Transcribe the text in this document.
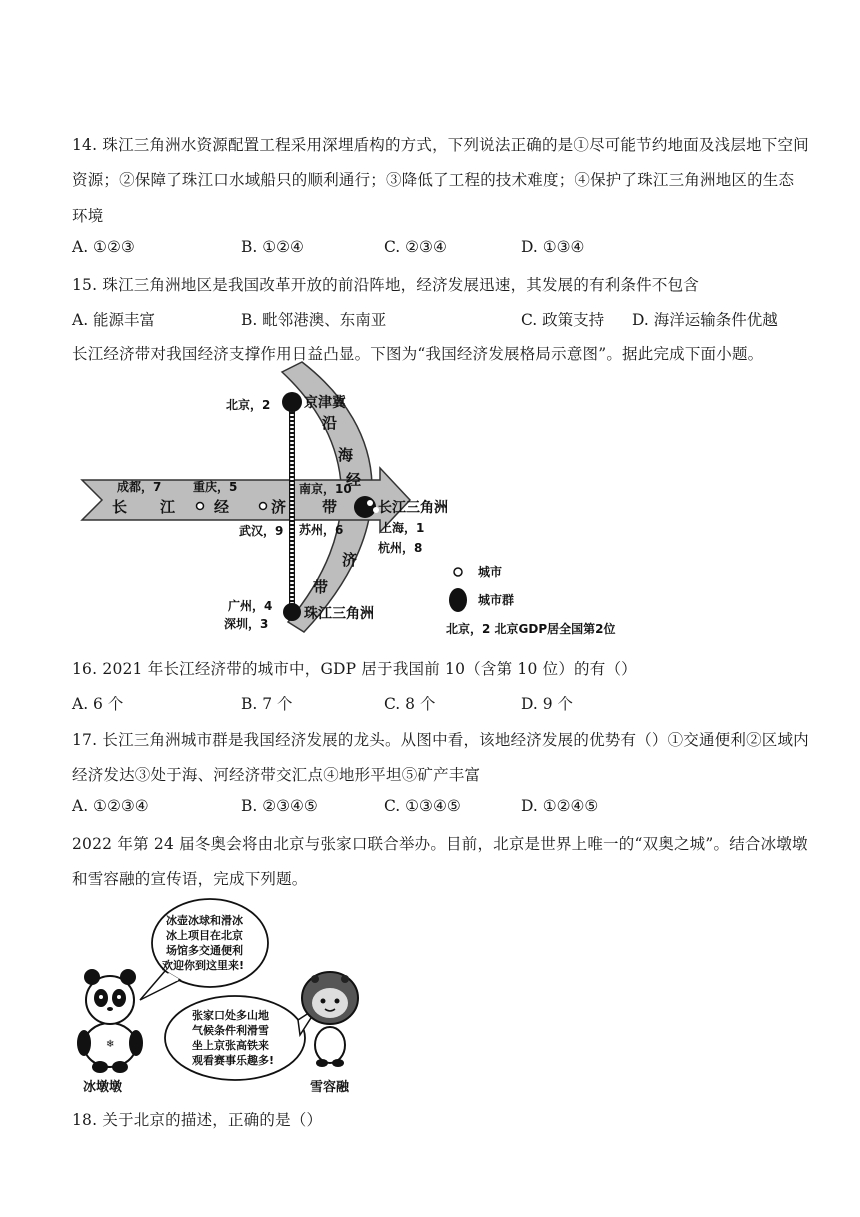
14. 珠江三角洲水资源配置工程采用深埋盾构的方式，下列说法正确的是①尽可能节约地面及浅层地下空间
资源；②保障了珠江口水域船只的顺利通行；③降低了工程的技术难度；④保护了珠江三角洲地区的生态
环境
A. ①②③	B. ①②④	C. ②③④	D. ①③④
15. 珠江三角洲地区是我国改革开放的前沿阵地，经济发展迅速，其发展的有利条件不包含
A. 能源丰富	B. 毗邻港澳、东南亚	C. 政策支持 D. 海洋运输条件优越
长江经济带对我国经济支撑作用日益凸显。下图为“我国经济发展格局示意图”。据此完成下面小题。
沿
海
经
济
带
长 江	经	济 带
北京，2 京津冀
成都，7	重庆，5	南京，10
长江三角洲
武汉，9 苏州，6	上海，1
杭州，8
珠江三角洲
广州，4
深圳，3
城市
城市群
北京，2 北京GDP居全国第2位
16. 2021 年长江经济带的城市中，GDP 居于我国前 10（含第 10 位）的有（）
A. 6 个	B. 7 个	C. 8 个	D. 9 个
17. 长江三角洲城市群是我国经济发展的龙头。从图中看，该地经济发展的优势有（）①交通便利②区域内
经济发达③处于海、河经济带交汇点④地形平坦⑤矿产丰富
A. ①②③④	B. ②③④⑤	C. ①③④⑤	D. ①②④⑤
2022 年第 24 届冬奥会将由北京与张家口联合举办。目前，北京是世界上唯一的“双奥之城”。结合冰墩墩
和雪容融的宣传语，完成下列题。
冰壶冰球和滑冰
冰上项目在北京
场馆多交通便利
欢迎你到这里来!
张家口处多山地
气候条件利滑雪
坐上京张高铁来
观看赛事乐趣多!
❄
冰墩墩	雪容融
18. 关于北京的描述，正确的是（）
